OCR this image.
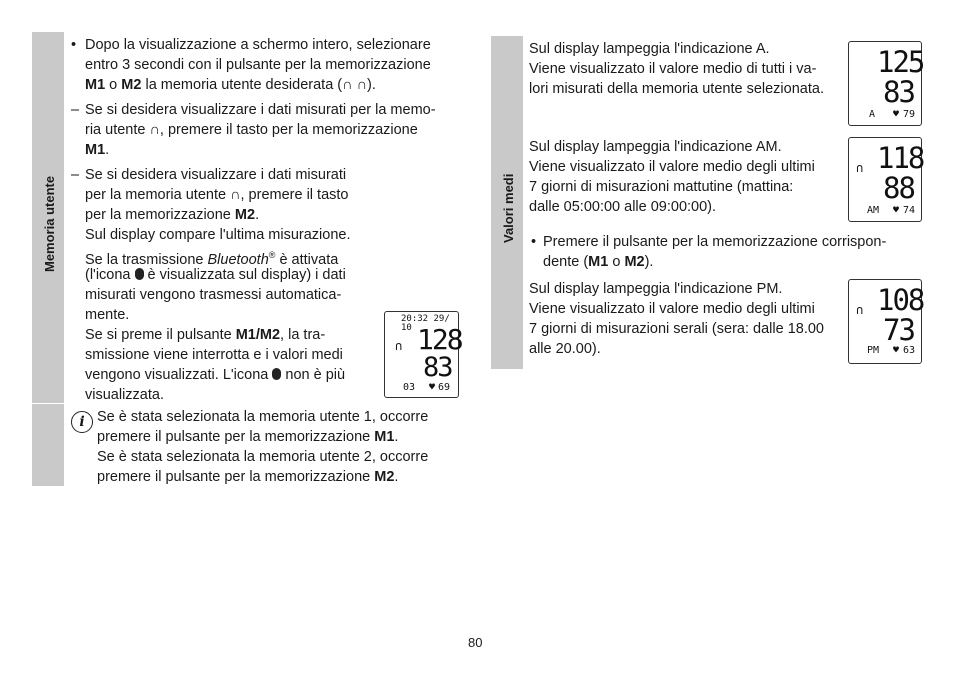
Memoria utente	Valori medi
• Dopo la visualizzazione a schermo intero, selezionare
entro 3 secondi con il pulsante per la memorizzazione
M1 o M2 la memoria utente desiderata (∩ ∩).
– Se si desidera visualizzare i dati misurati per la memo-
ria utente ∩, premere il tasto per la memorizzazione
M1.
– Se si desidera visualizzare i dati misurati
per la memoria utente ∩, premere il tasto
per la memorizzazione M2.
Sul display compare l'ultima misurazione.
Se la trasmissione Bluetooth® è attivata
(l'icona  è visualizzata sul display) i dati
misurati vengono trasmessi automatica-
mente.
Se si preme il pulsante M1/M2, la tra-
smissione viene interrotta e i valori medi
vengono visualizzati. L'icona  non è più
visualizzata.
20:32 29/ 10
∩ 128
83
03 ♥ 69
i Se è stata selezionata la memoria utente 1, occorre
premere il pulsante per la memorizzazione M1.
Se è stata selezionata la memoria utente 2, occorre
premere il pulsante per la memorizzazione M2.
Sul display lampeggia l'indicazione A.
Viene visualizzato il valore medio di tutti i va-
lori misurati della memoria utente selezionata.
Sul display lampeggia l'indicazione AM.
Viene visualizzato il valore medio degli ultimi
7 giorni di misurazioni mattutine (mattina:
dalle 05:00:00 alle 09:00:00).
• Premere il pulsante per la memorizzazione corrispon-
dente (M1 o M2).
Sul display lampeggia l'indicazione PM.
Viene visualizzato il valore medio degli ultimi
7 giorni di misurazioni serali (sera: dalle 18.00
alle 20.00).
125
83
A ♥ 79
∩ 118
88
AM ♥ 74
∩ 108
73
PM ♥ 63
80
